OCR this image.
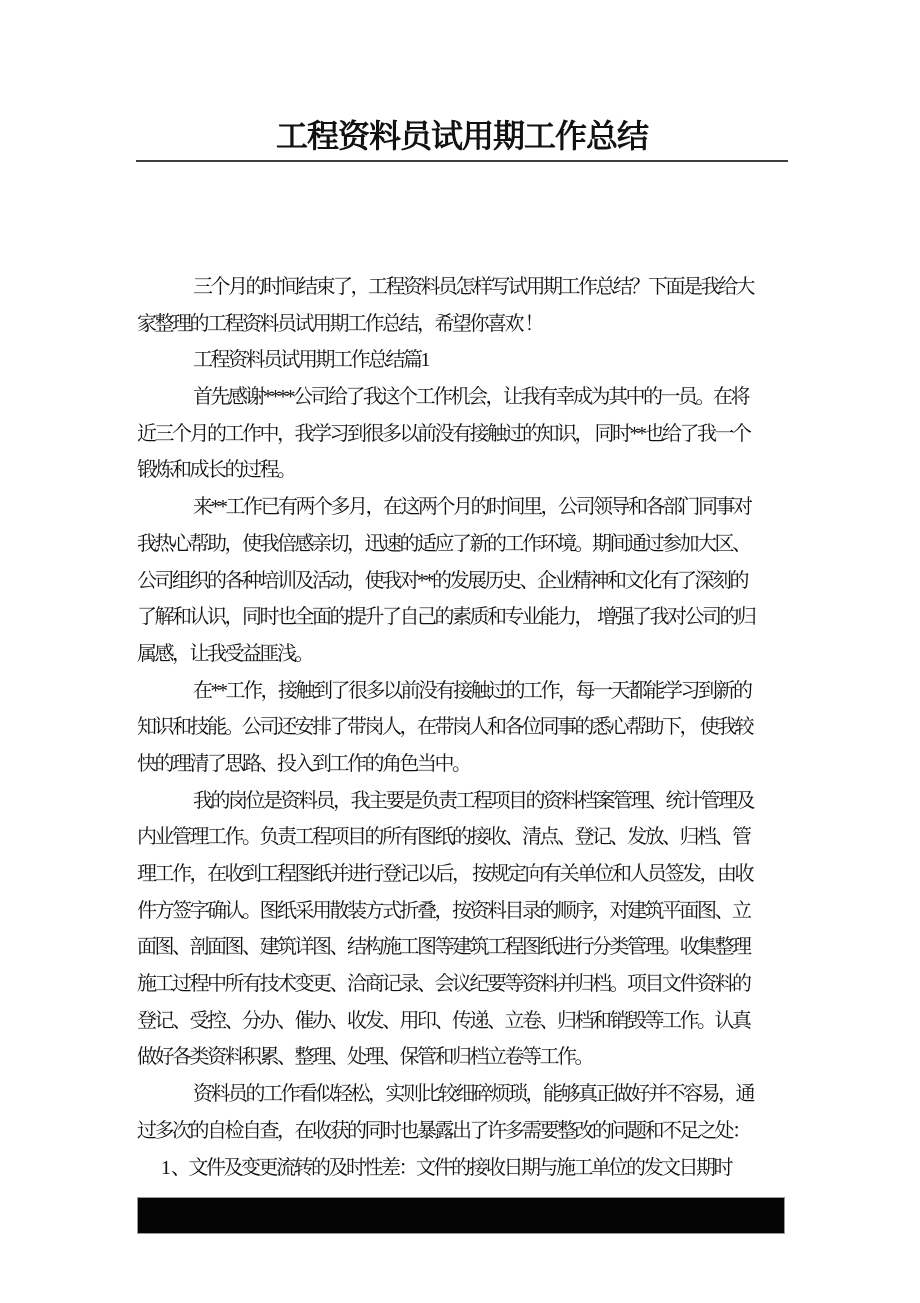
工程资料员试用期工作总结
三个月的时间结束了，工程资料员怎样写试用期工作总结？下面是我给大
家整理的工程资料员试用期工作总结，希望你喜欢 ！
工程资料员试用期工作总结篇1
首先感谢****公司给了我这个工作机会，让我有幸成为其中的一员。在将
近三个月的工作中，我学习到很多以前没有接触过的知识， 同时**也给了我一个
锻炼和成长的过程。
来**工作已有两个多月，在这两个月的时间里，公司领导和各部门同事对
我热心帮助，使我倍感亲切，迅速的适应了新的工作环境。期间通过参加大区、
公司组织的各种培训及活动，使我对**的发展历史、企业精神和文化有了深刻的
了解和认识，同时也全面的提升了自己的素质和专业能力，  增强了我对公司的归
属感，让我受益匪浅。
在**工作，接触到了很多以前没有接触过的工作，每一天都能学习到新的
知识和技能。公司还安排了带岗人，在带岗人和各位同事的悉心帮助下， 使我较
快的理清了思路、投入到工作的角色当中。
我的岗位是资料员，我主要是负责工程项目的资料档案管理、统计管理及
内业管理工作。负责工程项目的所有图纸的接收、清点、登记、发放、归档、管
理工作，在收到工程图纸并进行登记以后， 按规定向有关单位和人员签发，由收
件方签字确认。图纸采用散装方式折叠，按资料目录的顺序，对建筑平面图、立
面图、剖面图、建筑详图、结构施工图等建筑工程图纸进行分类管理。收集整理
施工过程中所有技术变更、洽商记录、会议纪要等资料并归档。项目文件资料的
登记、受控、分办、催办、收发、用印、传递、立卷、归档和销毁等工作。认真
做好各类资料积累、整理、处理、保管和归档立卷等工作。
资料员的工作看似轻松，实则比较细碎烦琐，能够真正做好并不容易，通
过多次的自检自查，在收获的同时也暴露出了许多需要整改的问题和不足之处：
1 、文件及变更流转的及时性差：文件的接收日期与施工单位的发文日期时
